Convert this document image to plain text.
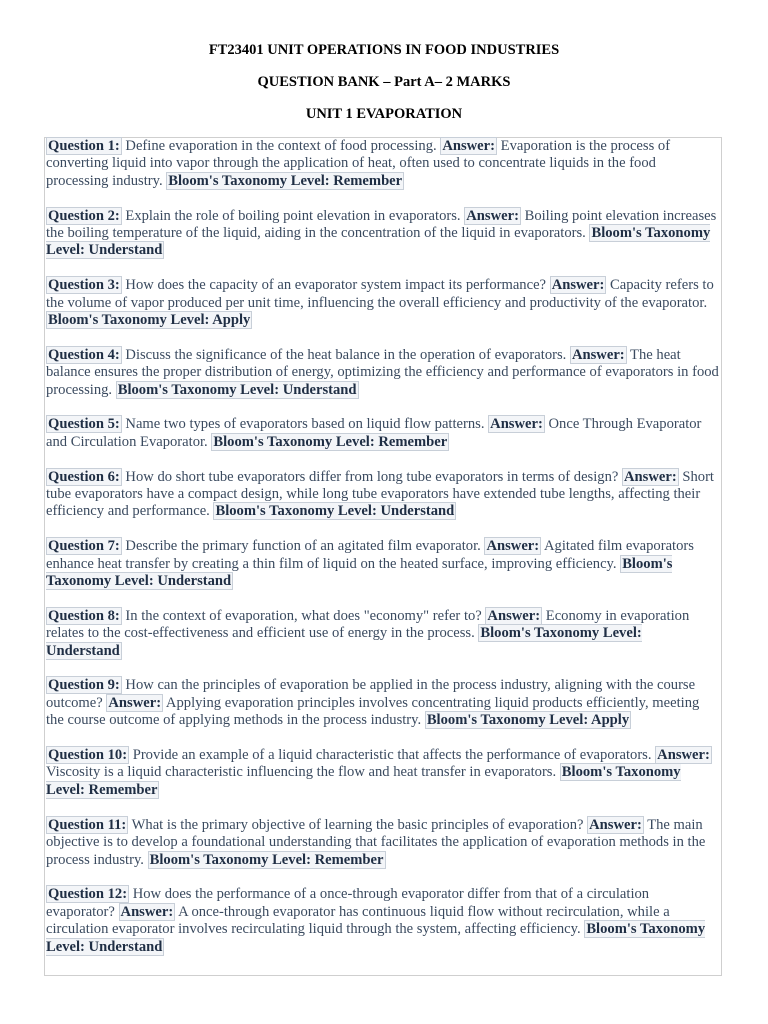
FT23401 UNIT OPERATIONS IN FOOD INDUSTRIES
QUESTION BANK – Part A– 2 MARKS
UNIT 1 EVAPORATION

Question 1: Define evaporation in the context of food processing. Answer: Evaporation is the process of converting liquid into vapor through the application of heat, often used to concentrate liquids in the food processing industry. Bloom's Taxonomy Level: Remember

Question 2: Explain the role of boiling point elevation in evaporators. Answer: Boiling point elevation increases the boiling temperature of the liquid, aiding in the concentration of the liquid in evaporators. Bloom's Taxonomy Level: Understand

Question 3: How does the capacity of an evaporator system impact its performance? Answer: Capacity refers to the volume of vapor produced per unit time, influencing the overall efficiency and productivity of the evaporator. Bloom's Taxonomy Level: Apply

Question 4: Discuss the significance of the heat balance in the operation of evaporators. Answer: The heat balance ensures the proper distribution of energy, optimizing the efficiency and performance of evaporators in food processing. Bloom's Taxonomy Level: Understand

Question 5: Name two types of evaporators based on liquid flow patterns. Answer: Once Through Evaporator and Circulation Evaporator. Bloom's Taxonomy Level: Remember

Question 6: How do short tube evaporators differ from long tube evaporators in terms of design? Answer: Short tube evaporators have a compact design, while long tube evaporators have extended tube lengths, affecting their efficiency and performance. Bloom's Taxonomy Level: Understand

Question 7: Describe the primary function of an agitated film evaporator. Answer: Agitated film evaporators enhance heat transfer by creating a thin film of liquid on the heated surface, improving efficiency. Bloom's Taxonomy Level: Understand

Question 8: In the context of evaporation, what does "economy" refer to? Answer: Economy in evaporation relates to the cost-effectiveness and efficient use of energy in the process. Bloom's Taxonomy Level: Understand

Question 9: How can the principles of evaporation be applied in the process industry, aligning with the course outcome? Answer: Applying evaporation principles involves concentrating liquid products efficiently, meeting the course outcome of applying methods in the process industry. Bloom's Taxonomy Level: Apply

Question 10: Provide an example of a liquid characteristic that affects the performance of evaporators. Answer: Viscosity is a liquid characteristic influencing the flow and heat transfer in evaporators. Bloom's Taxonomy Level: Remember

Question 11: What is the primary objective of learning the basic principles of evaporation? Answer: The main objective is to develop a foundational understanding that facilitates the application of evaporation methods in the process industry. Bloom's Taxonomy Level: Remember

Question 12: How does the performance of a once-through evaporator differ from that of a circulation evaporator? Answer: A once-through evaporator has continuous liquid flow without recirculation, while a circulation evaporator involves recirculating liquid through the system, affecting efficiency. Bloom's Taxonomy Level: Understand
